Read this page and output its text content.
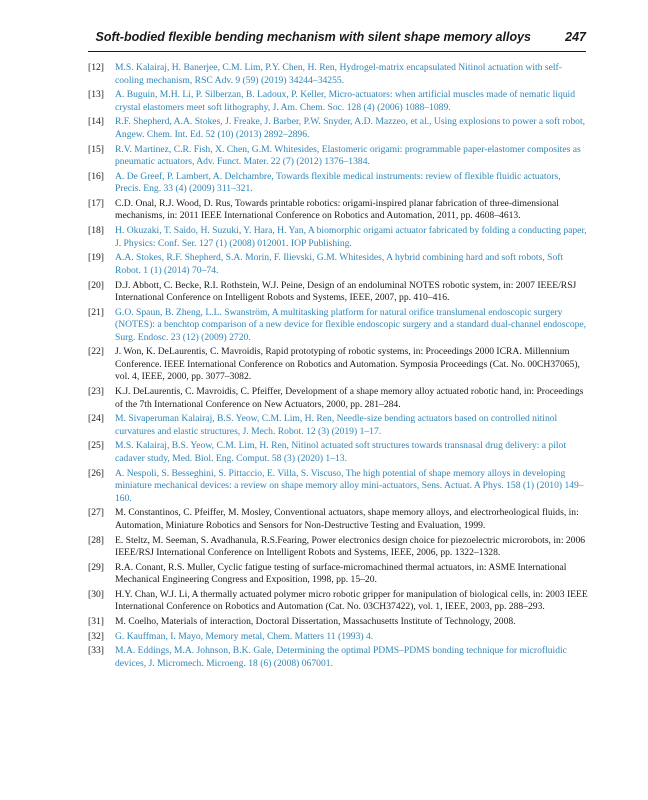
Soft-bodied flexible bending mechanism with silent shape memory alloys	247
[12] M.S. Kalairaj, H. Banerjee, C.M. Lim, P.Y. Chen, H. Ren, Hydrogel-matrix encapsulated Nitinol actuation with self-cooling mechanism, RSC Adv. 9 (59) (2019) 34244–34255.
[13] A. Buguin, M.H. Li, P. Silberzan, B. Ladoux, P. Keller, Micro-actuators: when artificial muscles made of nematic liquid crystal elastomers meet soft lithography, J. Am. Chem. Soc. 128 (4) (2006) 1088–1089.
[14] R.F. Shepherd, A.A. Stokes, J. Freake, J. Barber, P.W. Snyder, A.D. Mazzeo, et al., Using explosions to power a soft robot, Angew. Chem. Int. Ed. 52 (10) (2013) 2892–2896.
[15] R.V. Martinez, C.R. Fish, X. Chen, G.M. Whitesides, Elastomeric origami: programmable paper-elastomer composites as pneumatic actuators, Adv. Funct. Mater. 22 (7) (2012) 1376–1384.
[16] A. De Greef, P. Lambert, A. Delchambre, Towards flexible medical instruments: review of flexible fluidic actuators, Precis. Eng. 33 (4) (2009) 311–321.
[17] C.D. Onal, R.J. Wood, D. Rus, Towards printable robotics: origami-inspired planar fabrication of three-dimensional mechanisms, in: 2011 IEEE International Conference on Robotics and Automation, 2011, pp. 4608–4613.
[18] H. Okuzaki, T. Saido, H. Suzuki, Y. Hara, H. Yan, A biomorphic origami actuator fabricated by folding a conducting paper, J. Physics: Conf. Ser. 127 (1) (2008) 012001. IOP Publishing.
[19] A.A. Stokes, R.F. Shepherd, S.A. Morin, F. Ilievski, G.M. Whitesides, A hybrid combining hard and soft robots, Soft Robot. 1 (1) (2014) 70–74.
[20] D.J. Abbott, C. Becke, R.I. Rothstein, W.J. Peine, Design of an endoluminal NOTES robotic system, in: 2007 IEEE/RSJ International Conference on Intelligent Robots and Systems, IEEE, 2007, pp. 410–416.
[21] G.O. Spaun, B. Zheng, L.L. Swanström, A multitasking platform for natural orifice translumenal endoscopic surgery (NOTES): a benchtop comparison of a new device for flexible endoscopic surgery and a standard dual-channel endoscope, Surg. Endosc. 23 (12) (2009) 2720.
[22] J. Won, K. DeLaurentis, C. Mavroidis, Rapid prototyping of robotic systems, in: Proceedings 2000 ICRA. Millennium Conference. IEEE International Conference on Robotics and Automation. Symposia Proceedings (Cat. No. 00CH37065), vol. 4, IEEE, 2000, pp. 3077–3082.
[23] K.J. DeLaurentis, C. Mavroidis, C. Pfeiffer, Development of a shape memory alloy actuated robotic hand, in: Proceedings of the 7th International Conference on New Actuators, 2000, pp. 281–284.
[24] M. Sivaperuman Kalairaj, B.S. Yeow, C.M. Lim, H. Ren, Needle-size bending actuators based on controlled nitinol curvatures and elastic structures, J. Mech. Robot. 12 (3) (2019) 1–17.
[25] M.S. Kalairaj, B.S. Yeow, C.M. Lim, H. Ren, Nitinol actuated soft structures towards transnasal drug delivery: a pilot cadaver study, Med. Biol. Eng. Comput. 58 (3) (2020) 1–13.
[26] A. Nespoli, S. Besseghini, S. Pittaccio, E. Villa, S. Viscuso, The high potential of shape memory alloys in developing miniature mechanical devices: a review on shape memory alloy mini-actuators, Sens. Actuat. A Phys. 158 (1) (2010) 149–160.
[27] M. Constantinos, C. Pfeiffer, M. Mosley, Conventional actuators, shape memory alloys, and electrorheological fluids, in: Automation, Miniature Robotics and Sensors for Non-Destructive Testing and Evaluation, 1999.
[28] E. Steltz, M. Seeman, S. Avadhanula, R.S.Fearing, Power electronics design choice for piezoelectric microrobots, in: 2006 IEEE/RSJ International Conference on Intelligent Robots and Systems, IEEE, 2006, pp. 1322–1328.
[29] R.A. Conant, R.S. Muller, Cyclic fatigue testing of surface-micromachined thermal actuators, in: ASME International Mechanical Engineering Congress and Exposition, 1998, pp. 15–20.
[30] H.Y. Chan, W.J. Li, A thermally actuated polymer micro robotic gripper for manipulation of biological cells, in: 2003 IEEE International Conference on Robotics and Automation (Cat. No. 03CH37422), vol. 1, IEEE, 2003, pp. 288–293.
[31] M. Coelho, Materials of interaction, Doctoral Dissertation, Massachusetts Institute of Technology, 2008.
[32] G. Kauffman, I. Mayo, Memory metal, Chem. Matters 11 (1993) 4.
[33] M.A. Eddings, M.A. Johnson, B.K. Gale, Determining the optimal PDMS–PDMS bonding technique for microfluidic devices, J. Micromech. Microeng. 18 (6) (2008) 067001.
